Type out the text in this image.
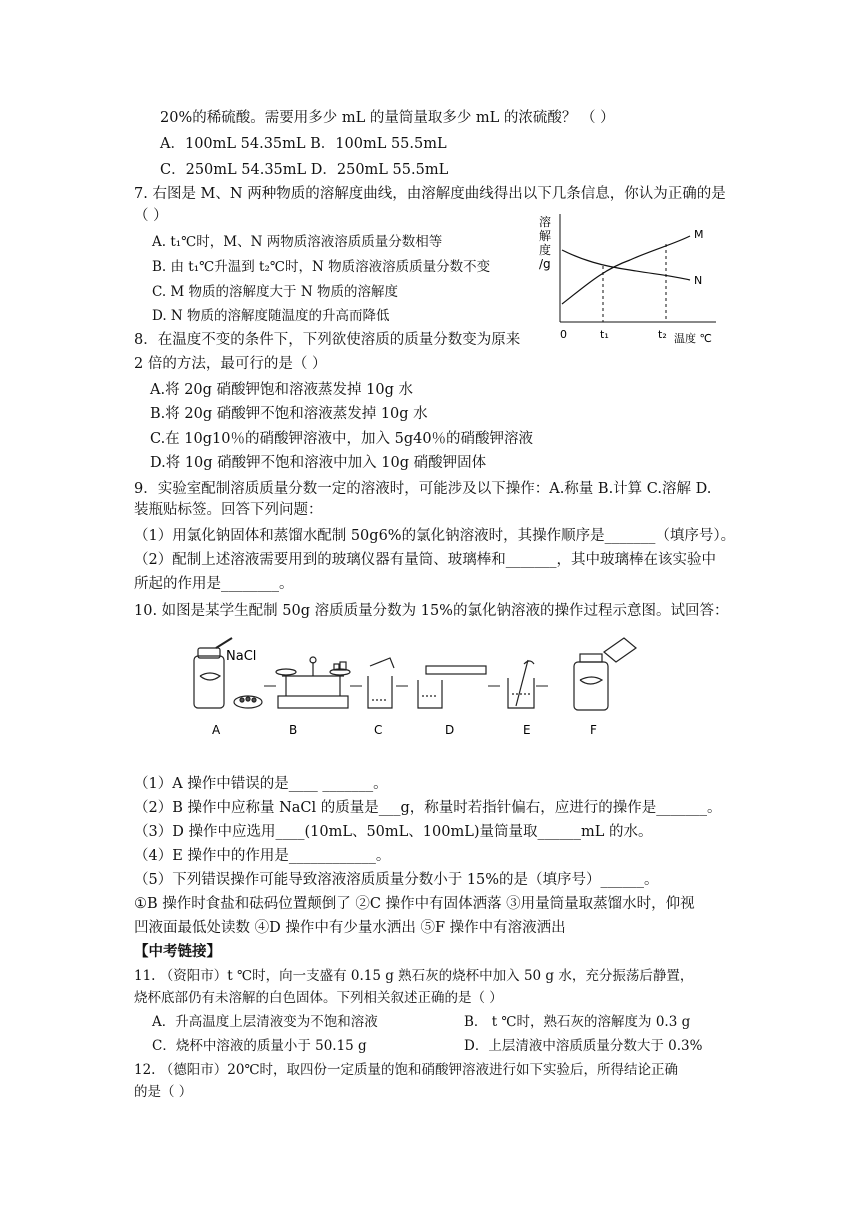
20%的稀硫酸。需要用多少 mL 的量筒量取多少 mL 的浓硫酸？ （ ）
A．100mL 54.35mL B．100mL 55.5mL
C．250mL 54.35mL D．250mL 55.5mL
7. 右图是 M、N 两种物质的溶解度曲线，由溶解度曲线得出以下几条信息，你认为正确的是
（ ）
A. t₁℃时，M、N 两物质溶液溶质质量分数相等
B. 由 t₁℃升温到 t₂℃时，N 物质溶液溶质质量分数不变
C. M 物质的溶解度大于 N 物质的溶解度
D. N 物质的溶解度随温度的升高而降低
溶
解
度
/g
M
N
0	t₁	t₂ 温度 ℃
8．在温度不变的条件下，下列欲使溶质的质量分数变为原来
2 倍的方法，最可行的是（ ）
A.将 20g 硝酸钾饱和溶液蒸发掉 10g 水
B.将 20g 硝酸钾不饱和溶液蒸发掉 10g 水
C.在 10g10％的硝酸钾溶液中，加入 5g40％的硝酸钾溶液
D.将 10g 硝酸钾不饱和溶液中加入 10g 硝酸钾固体
9．实验室配制溶质质量分数一定的溶液时，可能涉及以下操作：A.称量 B.计算 C.溶解 D.
装瓶贴标签。回答下列问题：
（1）用氯化钠固体和蒸馏水配制 50g6%的氯化钠溶液时，其操作顺序是_______（填序号）。
（2）配制上述溶液需要用到的玻璃仪器有量筒、玻璃棒和_______，其中玻璃棒在该实验中
所起的作用是________。
10. 如图是某学生配制 50g 溶质质量分数为 15%的氯化钠溶液的操作过程示意图。试回答：
NaCl
A	B	C	D	E	F
（1）A 操作中错误的是____ _______。
（2）B 操作中应称量 NaCl 的质量是___g，称量时若指针偏右，应进行的操作是_______。
（3）D 操作中应选用____(10mL、50mL、100mL)量筒量取______mL 的水。
（4）E 操作中的作用是____________。
（5）下列错误操作可能导致溶液溶质质量分数小于 15%的是（填序号）______。
①B 操作时食盐和砝码位置颠倒了 ②C 操作中有固体洒落 ③用量筒量取蒸馏水时，仰视
凹液面最低处读数 ④D 操作中有少量水洒出 ⑤F 操作中有溶液洒出
【中考链接】
11. （资阳市）t ℃时，向一支盛有 0.15 g 熟石灰的烧杯中加入 50 g 水，充分振荡后静置，
烧杯底部仍有未溶解的白色固体。下列相关叙述正确的是（ ）
A．升高温度上层清液变为不饱和溶液	B． t ℃时，熟石灰的溶解度为 0.3 g
C．烧杯中溶液的质量小于 50.15 g	D．上层清液中溶质质量分数大于 0.3%
12. （德阳市）20℃时，取四份一定质量的饱和硝酸钾溶液进行如下实验后，所得结论正确
的是（ ）
